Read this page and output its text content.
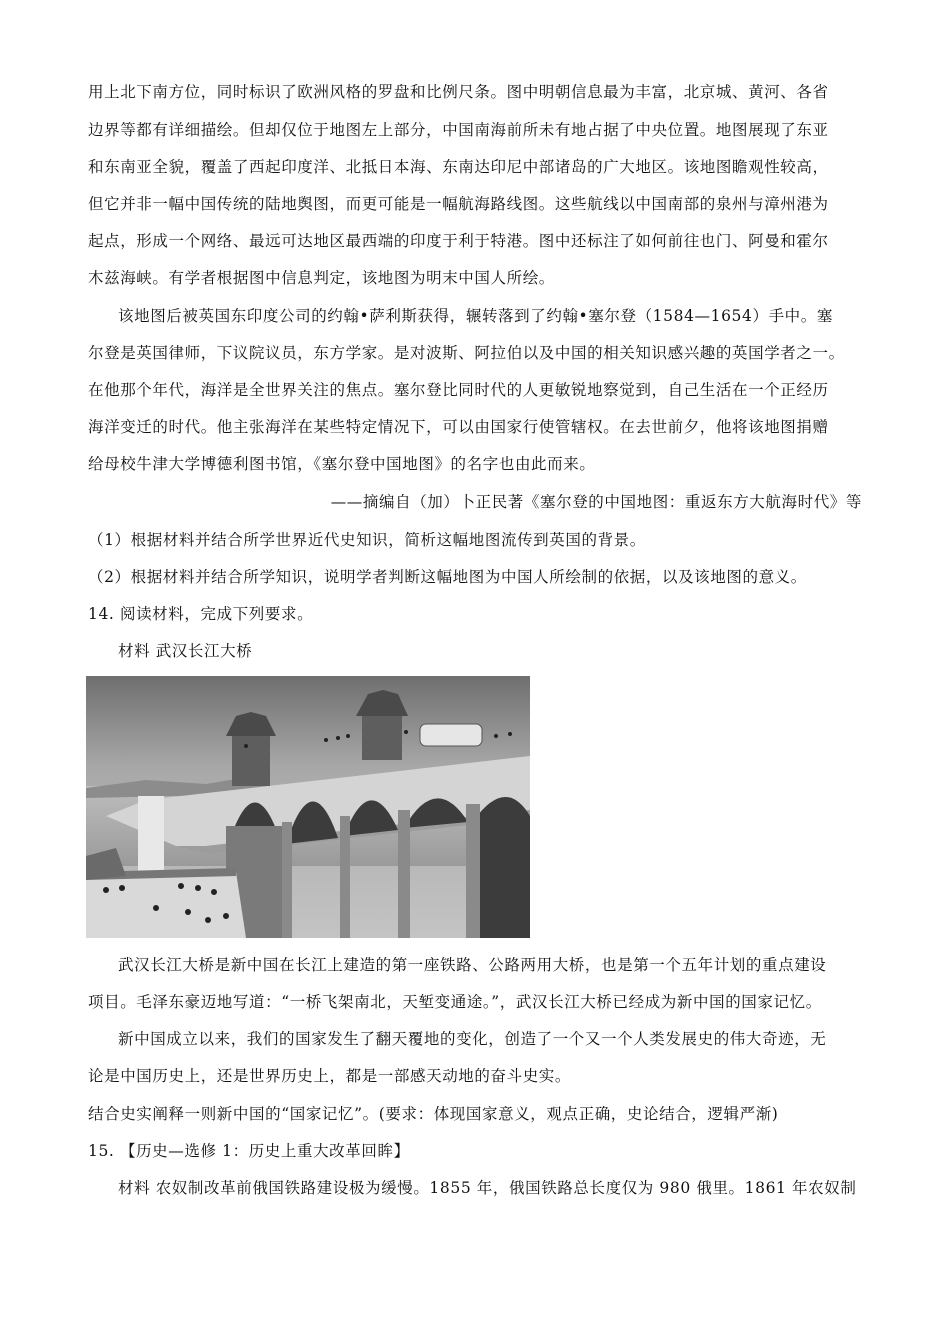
用上北下南方位，同时标识了欧洲风格的罗盘和比例尺条。图中明朝信息最为丰富，北京城、黄河、各省
边界等都有详细描绘。但却仅位于地图左上部分，中国南海前所未有地占据了中央位置。地图展现了东亚
和东南亚全貌，覆盖了西起印度洋、北抵日本海、东南达印尼中部诸岛的广大地区。该地图瞻观性较高，
但它并非一幅中国传统的陆地舆图，而更可能是一幅航海路线图。这些航线以中国南部的泉州与漳州港为
起点，形成一个网络、最远可达地区最西端的印度于利于特港。图中还标注了如何前往也门、阿曼和霍尔
木兹海峡。有学者根据图中信息判定，该地图为明末中国人所绘。
该地图后被英国东印度公司的约翰•萨利斯获得，辗转落到了约翰•塞尔登（1584—1654）手中。塞
尔登是英国律师，下议院议员，东方学家。是对波斯、阿拉伯以及中国的相关知识感兴趣的英国学者之一。
在他那个年代，海洋是全世界关注的焦点。塞尔登比同时代的人更敏锐地察觉到，自己生活在一个正经历
海洋变迁的时代。他主张海洋在某些特定情况下，可以由国家行使管辖权。在去世前夕，他将该地图捐赠
给母校牛津大学博德利图书馆，《塞尔登中国地图》的名字也由此而来。
——摘编自（加）卜正民著《塞尔登的中国地图：重返东方大航海时代》等
（1）根据材料并结合所学世界近代史知识，简析这幅地图流传到英国的背景。
（2）根据材料并结合所学知识，说明学者判断这幅地图为中国人所绘制的依据，以及该地图的意义。
14. 阅读材料，完成下列要求。
材料 武汉长江大桥
武汉长江大桥是新中国在长江上建造的第一座铁路、公路两用大桥，也是第一个五年计划的重点建设
项目。毛泽东豪迈地写道：“一桥飞架南北，天堑变通途。”，武汉长江大桥已经成为新中国的国家记忆。
新中国成立以来，我们的国家发生了翻天覆地的变化，创造了一个又一个人类发展史的伟大奇迹，无
论是中国历史上，还是世界历史上，都是一部感天动地的奋斗史实。
结合史实阐释一则新中国的“国家记忆”。(要求：体现国家意义，观点正确，史论结合，逻辑严渐)
15. 【历史—选修 1：历史上重大改革回眸】
材料 农奴制改革前俄国铁路建设极为缓慢。1855 年，俄国铁路总长度仅为 980 俄里。1861 年农奴制
